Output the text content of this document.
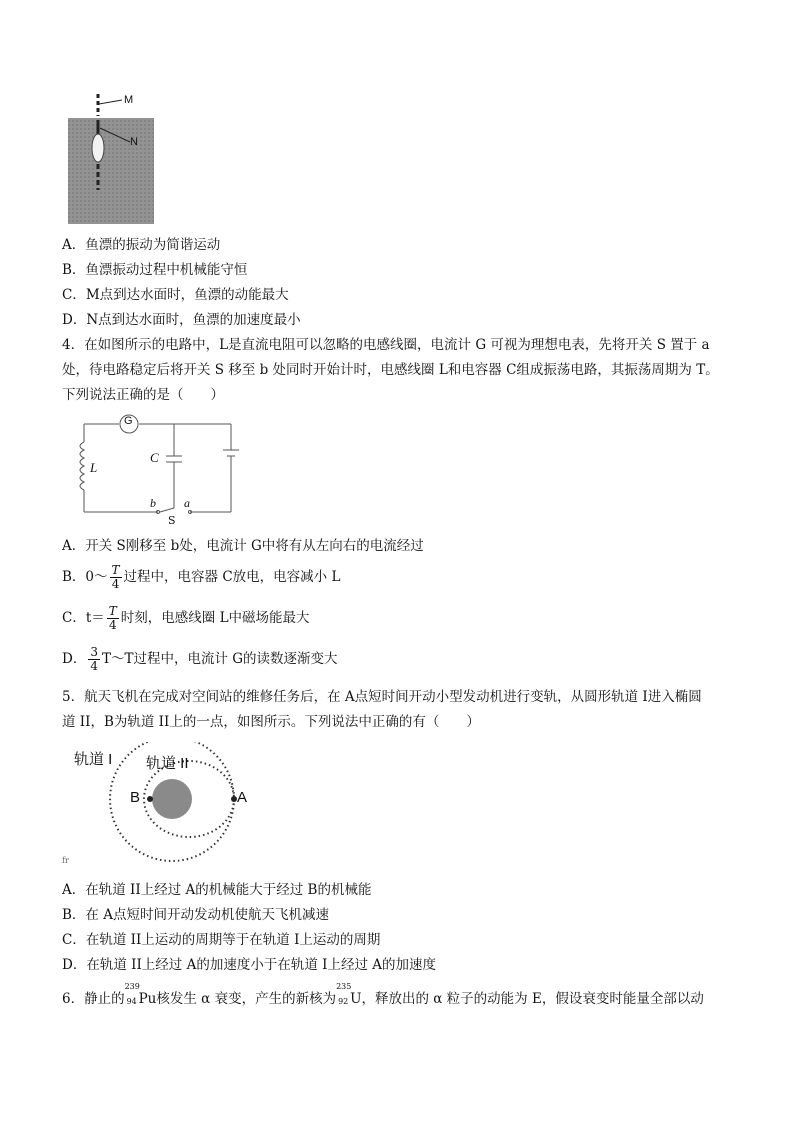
M
N
A．鱼漂的振动为简谐运动
B．鱼漂振动过程中机械能守恒
C．M点到达水面时，鱼漂的动能最大
D．N点到达水面时，鱼漂的加速度最小
4．在如图所示的电路中，L是直流电阻可以忽略的电感线圈，电流计 G 可视为理想电表，先将开关 S 置于 a
处，待电路稳定后将开关 S 移至 b 处同时开始计时，电感线圈 L和电容器 C组成振荡电路，其振荡周期为 T。
下列说法正确的是（　　）
G
C
L
b a
S
A．开关 S刚移至 b处，电流计 G中将有从左向右的电流经过
B．0～ $\frac{T}{4}$ 过程中，电容器 C放电，电容减小 L
C．$t= \frac{T}{4}$ 时刻，电感线圈 L中磁场能最大
D． $\frac{3}{4}$ T～T过程中，电流计 G的读数逐渐变大
5．航天飞机在完成对空间站的维修任务后，在 A点短时间开动小型发动机进行变轨，从圆形轨道 I进入椭圆
道 II，B为轨道 II上的一点，如图所示。下列说法中正确的有（　　）
轨道 I 轨道 II
B	A
fr
A．在轨道 II上经过 A的机械能大于经过 B的机械能
B．在 A点短时间开动发动机使航天飞机减速
C．在轨道 II上运动的周期等于在轨道 I上运动的周期
D．在轨道 II上经过 A的加速度小于在轨道 I上经过 A的加速度
6．静止的
239
94 Pu核发生 α 衰变，产生的新核为
235
92 U，释放出的 α 粒子的动能为 E，假设衰变时能量全部以动
